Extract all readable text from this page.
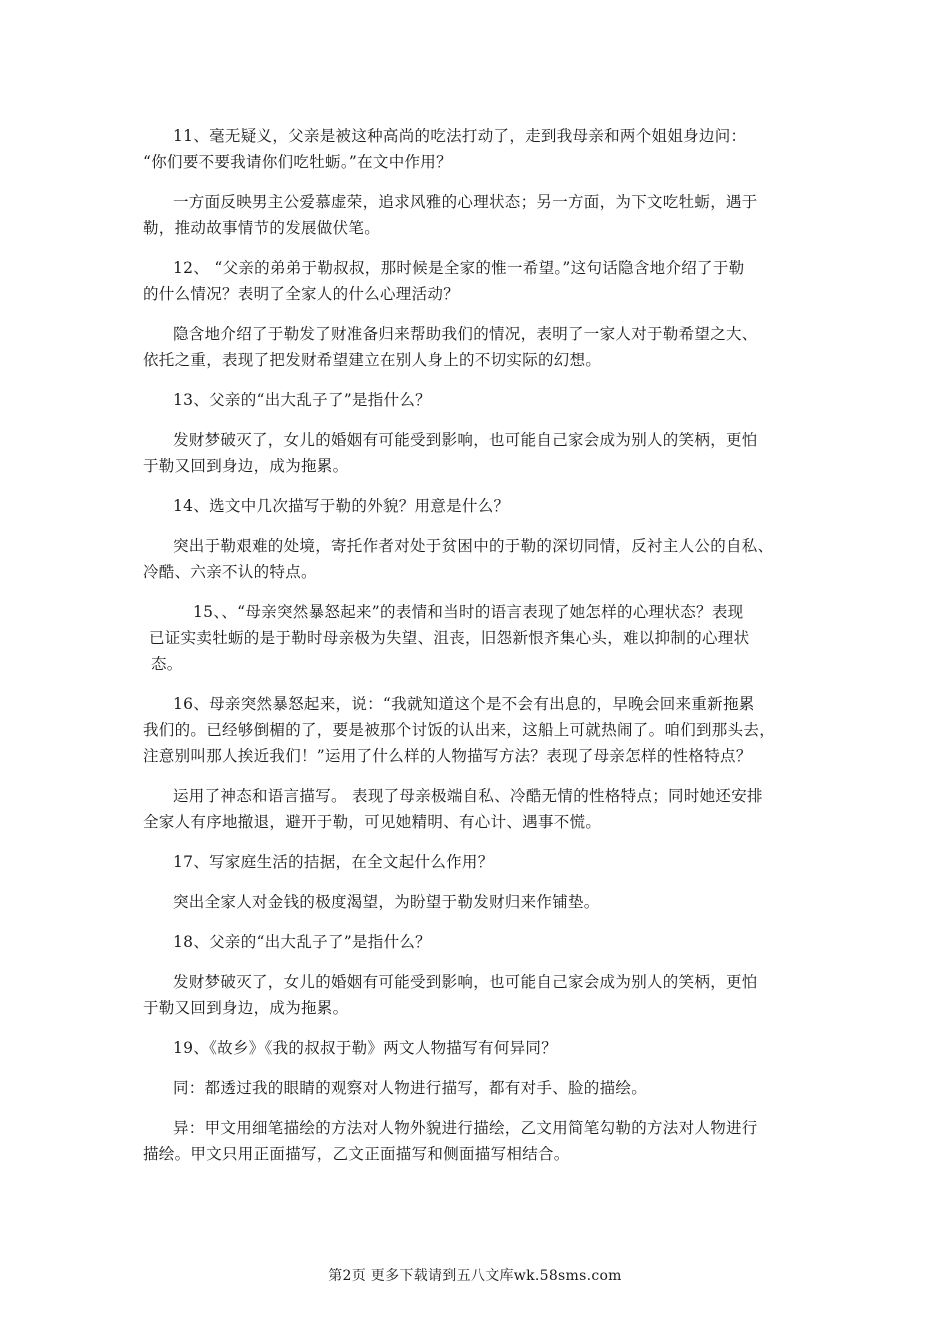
11、毫无疑义，父亲是被这种高尚的吃法打动了，走到我母亲和两个姐姐身边问：
“你们要不要我请你们吃牡蛎。”在文中作用？
一方面反映男主公爱慕虚荣，追求风雅的心理状态；另一方面，为下文吃牡蛎，遇于
勒，推动故事情节的发展做伏笔。
12、 “父亲的弟弟于勒叔叔，那时候是全家的惟一希望。”这句话隐含地介绍了于勒
的什么情况？表明了全家人的什么心理活动？
隐含地介绍了于勒发了财准备归来帮助我们的情况，表明了一家人对于勒希望之大、
依托之重，表现了把发财希望建立在别人身上的不切实际的幻想。
13、父亲的“出大乱子了”是指什么？
发财梦破灭了，女儿的婚姻有可能受到影响，也可能自己家会成为别人的笑柄，更怕
于勒又回到身边，成为拖累。
14、选文中几次描写于勒的外貌？用意是什么？
突出于勒艰难的处境，寄托作者对处于贫困中的于勒的深切同情，反衬主人公的自私、
冷酷、六亲不认的特点。
15、、“母亲突然暴怒起来”的表情和当时的语言表现了她怎样的心理状态？表现
已证实卖牡蛎的是于勒时母亲极为失望、沮丧，旧怨新恨齐集心头，难以抑制的心理状
态。
16、母亲突然暴怒起来，说：“我就知道这个是不会有出息的，早晚会回来重新拖累
我们的。已经够倒楣的了，要是被那个讨饭的认出来，这船上可就热闹了。咱们到那头去，
注意别叫那人挨近我们！”运用了什么样的人物描写方法？表现了母亲怎样的性格特点？
运用了神态和语言描写。 表现了母亲极端自私、冷酷无情的性格特点；同时她还安排
全家人有序地撤退，避开于勒，可见她精明、有心计、遇事不慌。
17、写家庭生活的拮据，在全文起什么作用？
突出全家人对金钱的极度渴望，为盼望于勒发财归来作铺垫。
18、父亲的“出大乱子了”是指什么？
发财梦破灭了，女儿的婚姻有可能受到影响，也可能自己家会成为别人的笑柄，更怕
于勒又回到身边，成为拖累。
19、《故乡》《我的叔叔于勒》两文人物描写有何异同？
同：都透过我的眼睛的观察对人物进行描写，都有对手、脸的描绘。
异：甲文用细笔描绘的方法对人物外貌进行描绘，乙文用简笔勾勒的方法对人物进行
描绘。甲文只用正面描写，乙文正面描写和侧面描写相结合。
第2页 更多下载请到五八文库wk.58sms.com
